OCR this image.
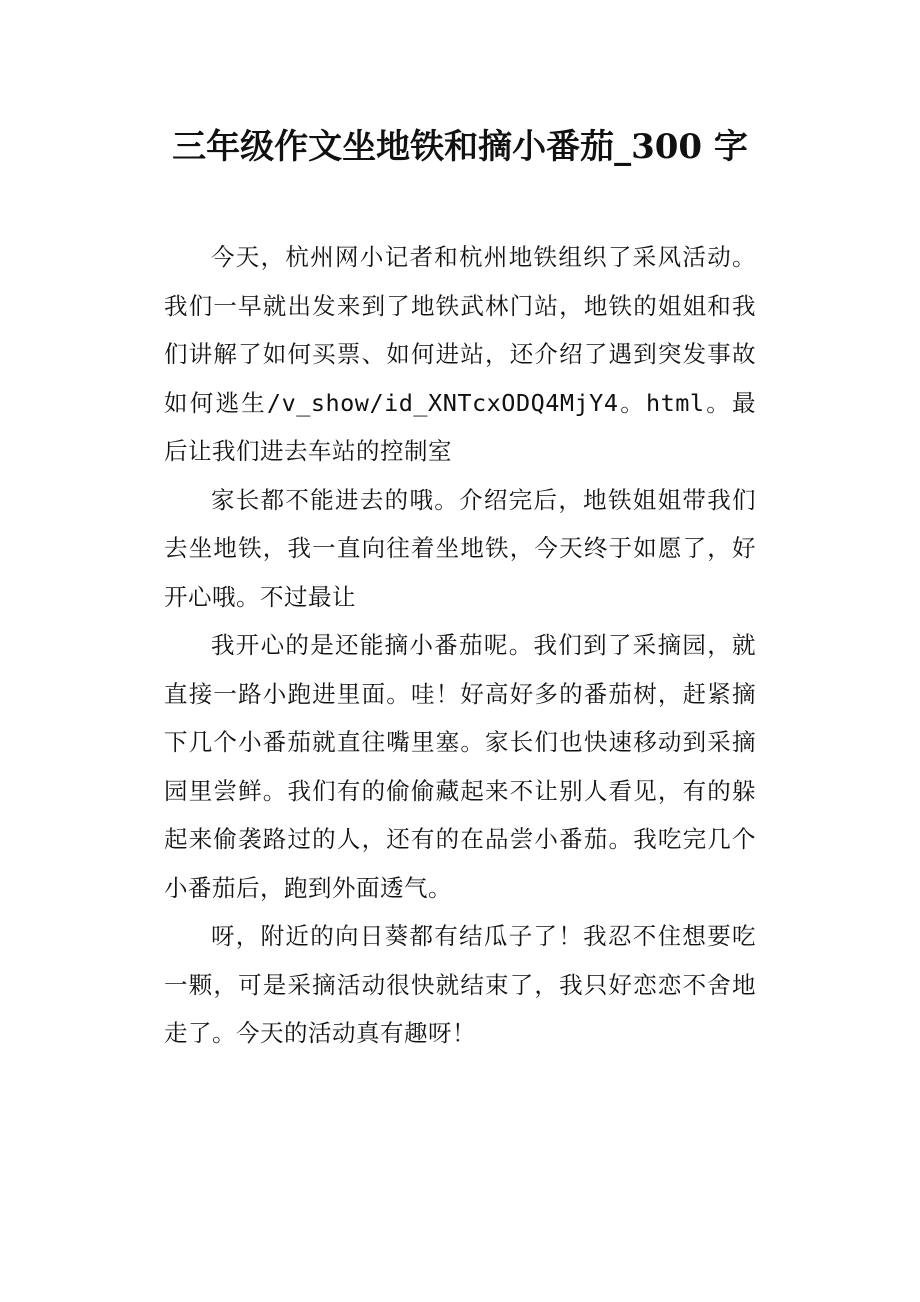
三年级作文坐地铁和摘小番茄_300 字

今天，杭州网小记者和杭州地铁组织了采风活动。我们一早就出发来到了地铁武林门站，地铁的姐姐和我们讲解了如何买票、如何进站，还介绍了遇到突发事故如何逃生/v_show/id_XNTcxODQ4MjY4。html。最后让我们进去车站的控制室

家长都不能进去的哦。介绍完后，地铁姐姐带我们去坐地铁，我一直向往着坐地铁，今天终于如愿了，好开心哦。不过最让

我开心的是还能摘小番茄呢。我们到了采摘园，就直接一路小跑进里面。哇！好高好多的番茄树，赶紧摘下几个小番茄就直往嘴里塞。家长们也快速移动到采摘园里尝鲜。我们有的偷偷藏起来不让别人看见，有的躲起来偷袭路过的人，还有的在品尝小番茄。我吃完几个小番茄后，跑到外面透气。

呀，附近的向日葵都有结瓜子了！我忍不住想要吃一颗，可是采摘活动很快就结束了，我只好恋恋不舍地走了。今天的活动真有趣呀！
